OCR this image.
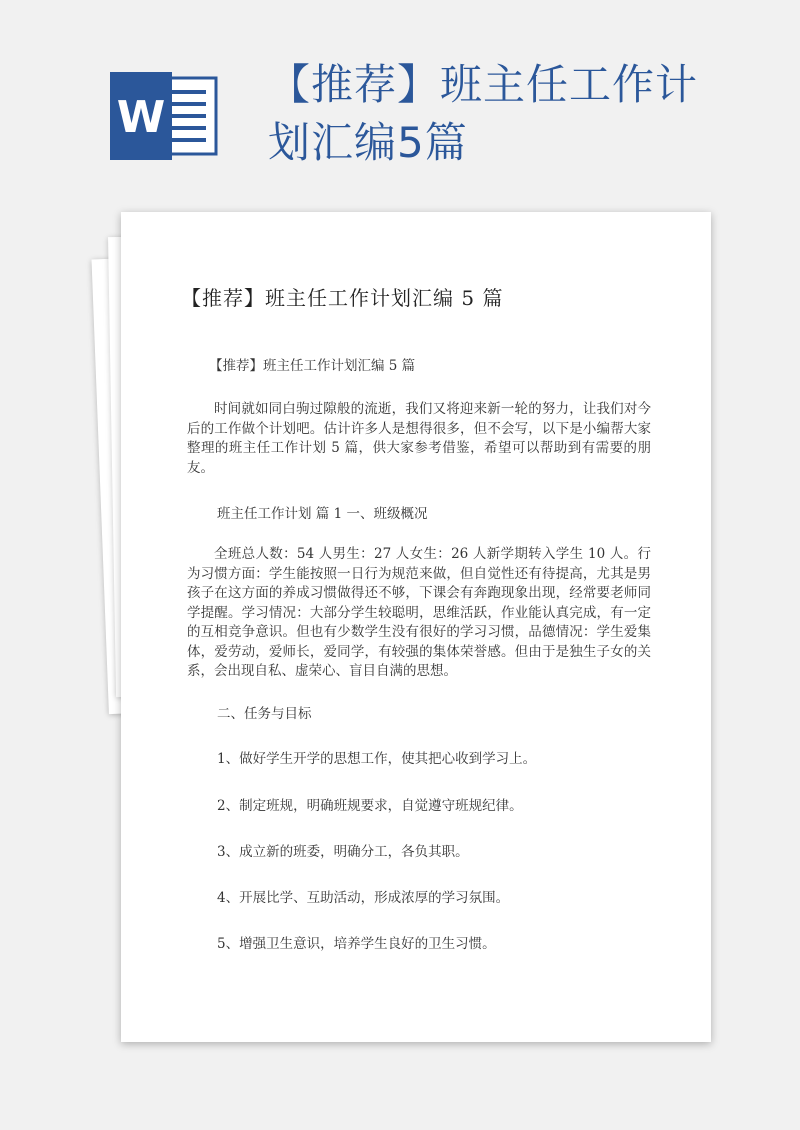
W
【推荐】班主任工作计划汇编5篇
【推荐】班主任工作计划汇编 5 篇
【推荐】班主任工作计划汇编 5 篇
时间就如同白驹过隙般的流逝，我们又将迎来新一轮的努力，让我们对今后的工作做个计划吧。估计许多人是想得很多，但不会写，以下是小编帮大家整理的班主任工作计划 5 篇，供大家参考借鉴，希望可以帮助到有需要的朋友。
班主任工作计划 篇 1 一、班级概况
全班总人数：54 人男生：27 人女生：26 人新学期转入学生 10 人。行为习惯方面：学生能按照一日行为规范来做，但自觉性还有待提高，尤其是男孩子在这方面的养成习惯做得还不够，下课会有奔跑现象出现，经常要老师同学提醒。学习情况：大部分学生较聪明，思维活跃，作业能认真完成，有一定的互相竞争意识。但也有少数学生没有很好的学习习惯，品德情况：学生爱集体，爱劳动，爱师长，爱同学，有较强的集体荣誉感。但由于是独生子女的关系，会出现自私、虚荣心、盲目自满的思想。
二、任务与目标
1、做好学生开学的思想工作，使其把心收到学习上。
2、制定班规，明确班规要求，自觉遵守班规纪律。
3、成立新的班委，明确分工，各负其职。
4、开展比学、互助活动，形成浓厚的学习氛围。
5、增强卫生意识，培养学生良好的卫生习惯。
